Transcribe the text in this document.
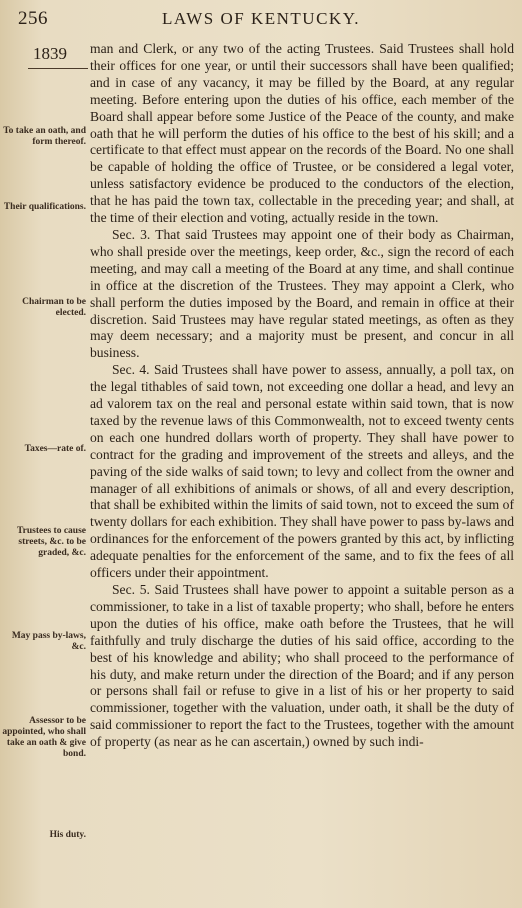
256	LAWS OF KENTUCKY.
1839
To take an oath, and form thereof.
Their qualifications.
Chairman to be elected.
Taxes—rate of.
Trustees to cause streets, &c. to be graded, &c.
May pass by-laws, &c.
Assessor to be appointed, who shall take an oath & give bond.
His duty.

man and Clerk, or any two of the acting Trustees. Said Trustees shall hold their offices for one year, or until their successors shall have been qualified; and in case of any vacancy, it may be filled by the Board, at any regular meeting. Before entering upon the duties of his office, each member of the Board shall appear before some Justice of the Peace of the county, and make oath that he will perform the duties of his office to the best of his skill; and a certificate to that effect must appear on the records of the Board. No one shall be capable of holding the office of Trustee, or be considered a legal voter, unless satisfactory evidence be produced to the conductors of the election, that he has paid the town tax, collectable in the preceding year; and shall, at the time of their election and voting, actually reside in the town.

Sec. 3. That said Trustees may appoint one of their body as Chairman, who shall preside over the meetings, keep order, &c., sign the record of each meeting, and may call a meeting of the Board at any time, and shall continue in office at the discretion of the Trustees. They may appoint a Clerk, who shall perform the duties imposed by the Board, and remain in office at their discretion. Said Trustees may have regular stated meetings, as often as they may deem necessary; and a majority must be present, and concur in all business.

Sec. 4. Said Trustees shall have power to assess, annually, a poll tax, on the legal tithables of said town, not exceeding one dollar a head, and levy an ad valorem tax on the real and personal estate within said town, that is now taxed by the revenue laws of this Commonwealth, not to exceed twenty cents on each one hundred dollars worth of property. They shall have power to contract for the grading and improvement of the streets and alleys, and the paving of the side walks of said town; to levy and collect from the owner and manager of all exhibitions of animals or shows, of all and every description, that shall be exhibited within the limits of said town, not to exceed the sum of twenty dollars for each exhibition. They shall have power to pass by-laws and ordinances for the enforcement of the powers granted by this act, by inflicting adequate penalties for the enforcement of the same, and to fix the fees of all officers under their appointment.

Sec. 5. Said Trustees shall have power to appoint a suitable person as a commissioner, to take in a list of taxable property; who shall, before he enters upon the duties of his office, make oath before the Trustees, that he will faithfully and truly discharge the duties of his said office, according to the best of his knowledge and ability; who shall proceed to the performance of his duty, and make return under the direction of the Board; and if any person or persons shall fail or refuse to give in a list of his or her property to said commissioner, together with the valuation, under oath, it shall be the duty of said commissioner to report the fact to the Trustees, together with the amount of property (as near as he can ascertain,) owned by such indi-
